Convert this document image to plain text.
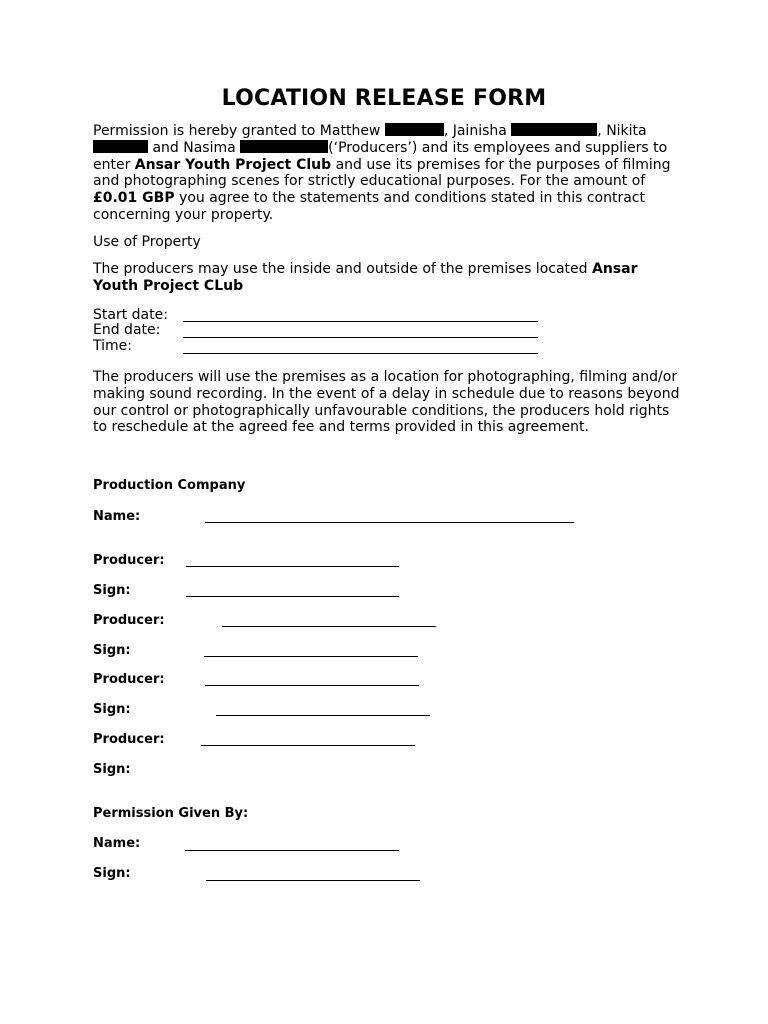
LOCATION RELEASE FORM

Permission is hereby granted to Matthew	, Jainisha	, Nikita  and Nasima	(‘Producers’) and its employees and suppliers to enter Ansar Youth Project Club and use its premises for the purposes of filming and photographing scenes for strictly educational purposes. For the amount of £0.01 GBP you agree to the statements and conditions stated in this contract concerning your property.

Use of Property

The producers may use the inside and outside of the premises located Ansar Youth Project CLub

Start date:
End date:
Time:

The producers will use the premises as a location for photographing, filming and/or making sound recording. In the event of a delay in schedule due to reasons beyond our control or photographically unfavourable conditions, the producers hold rights to reschedule at the agreed fee and terms provided in this agreement.

Production Company
Name:
Producer:
Sign:
Producer:
Sign:
Producer:
Sign:
Producer:
Sign:
Permission Given By:
Name:
Sign:
